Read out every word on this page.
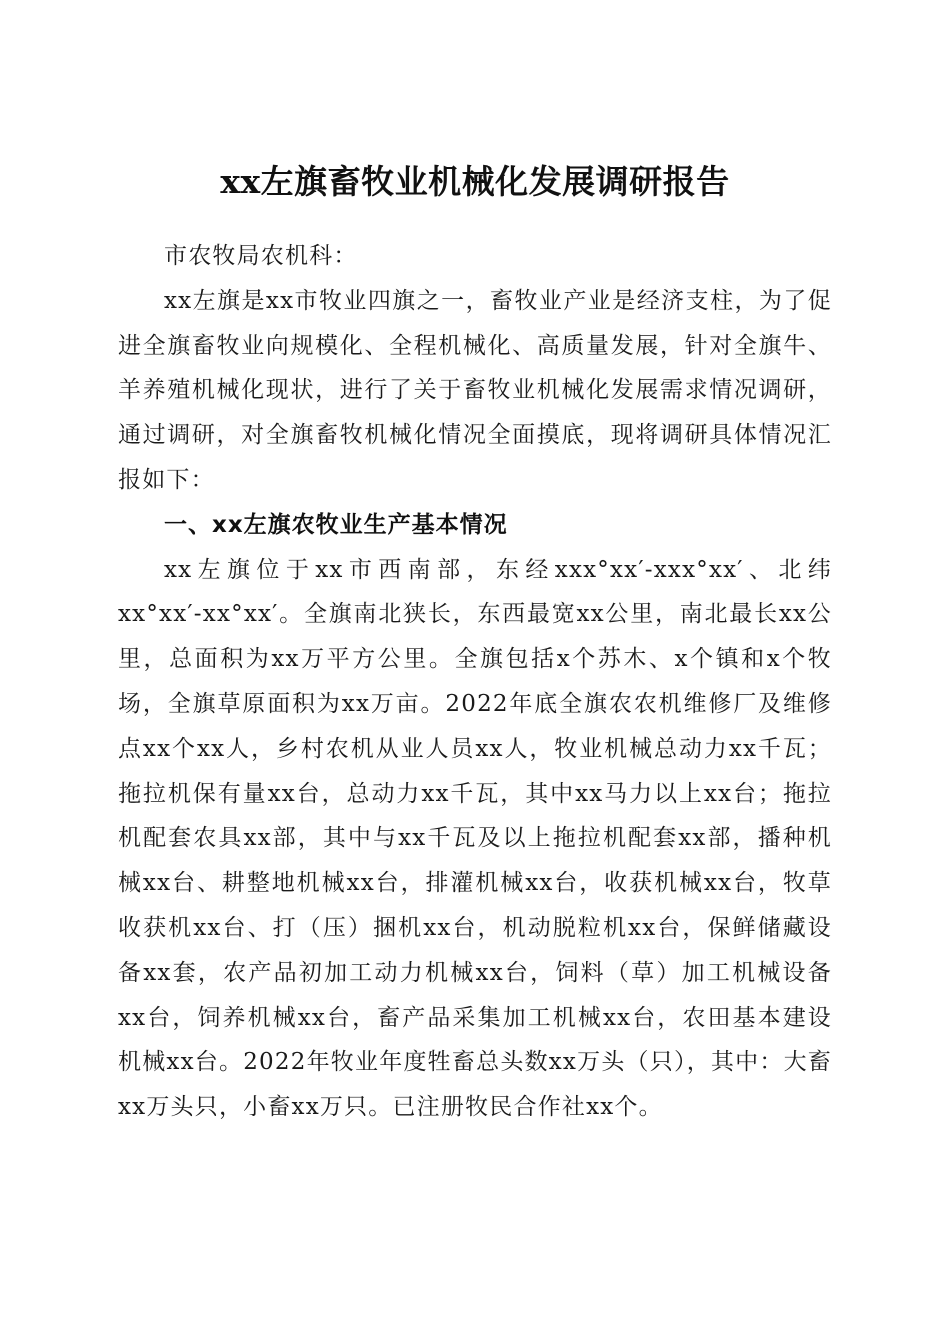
xx左旗畜牧业机械化发展调研报告

市农牧局农机科：

xx左旗是xx市牧业四旗之一，畜牧业产业是经济支柱，为了促进全旗畜牧业向规模化、全程机械化、高质量发展，针对全旗牛、羊养殖机械化现状，进行了关于畜牧业机械化发展需求情况调研，通过调研，对全旗畜牧机械化情况全面摸底，现将调研具体情况汇报如下：

一、xx左旗农牧业生产基本情况

xx左旗位于xx市西南部，东经xxx°xx′-xxx°xx′、北纬xx°xx′-xx°xx′。全旗南北狭长，东西最宽xx公里，南北最长xx公里，总面积为xx万平方公里。全旗包括x个苏木、x个镇和x个牧场，全旗草原面积为xx万亩。2022年底全旗农农机维修厂及维修点xx个xx人，乡村农机从业人员xx人，牧业机械总动力xx千瓦；拖拉机保有量xx台，总动力xx千瓦，其中xx马力以上xx台；拖拉机配套农具xx部，其中与xx千瓦及以上拖拉机配套xx部，播种机械xx台、耕整地机械xx台，排灌机械xx台，收获机械xx台，牧草收获机xx台、打（压）捆机xx台，机动脱粒机xx台，保鲜储藏设备xx套，农产品初加工动力机械xx台，饲料（草）加工机械设备xx台，饲养机械xx台，畜产品采集加工机械xx台，农田基本建设机械xx台。2022年牧业年度牲畜总头数xx万头（只），其中：大畜xx万头只，小畜xx万只。已注册牧民合作社xx个。
